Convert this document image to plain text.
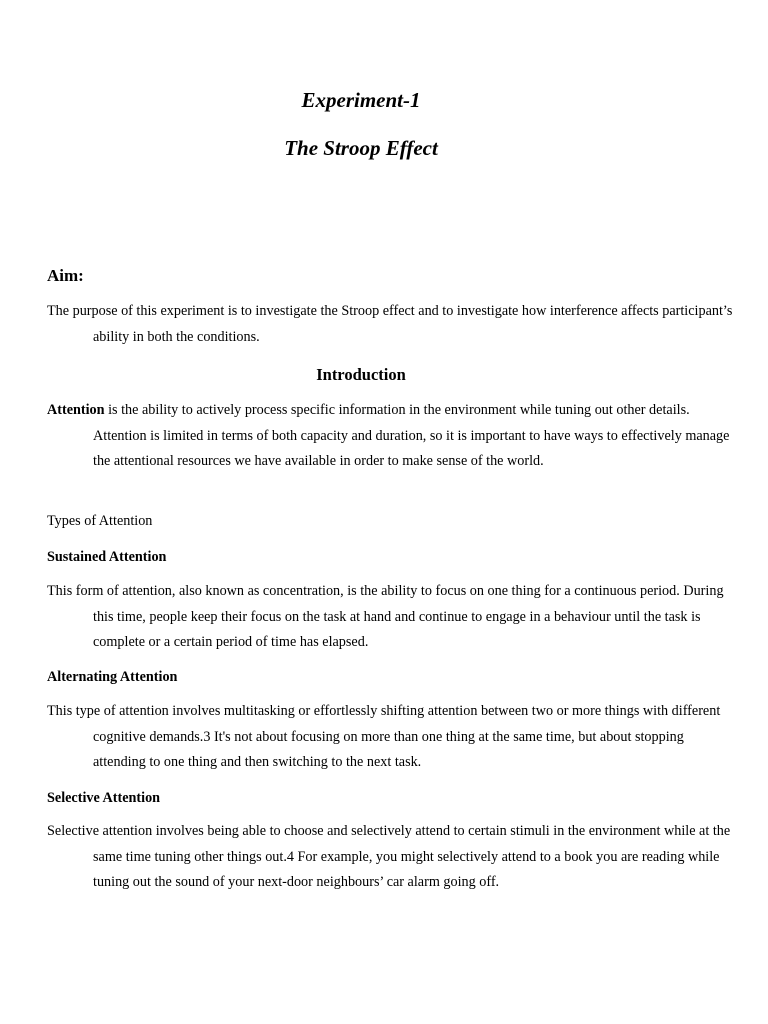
Experiment-1
The Stroop Effect
Aim:

The purpose of this experiment is to investigate the Stroop effect and to investigate how interference affects participant’s ability in both the conditions.

Introduction

Attention is the ability to actively process specific information in the environment while tuning out other details. Attention is limited in terms of both capacity and duration, so it is important to have ways to effectively manage the attentional resources we have available in order to make sense of the world.

Types of Attention
Sustained Attention

This form of attention, also known as concentration, is the ability to focus on one thing for a continuous period. During this time, people keep their focus on the task at hand and continue to engage in a behaviour until the task is complete or a certain period of time has elapsed.

Alternating Attention

This type of attention involves multitasking or effortlessly shifting attention between two or more things with different cognitive demands.3 It's not about focusing on more than one thing at the same time, but about stopping attending to one thing and then switching to the next task.

Selective Attention

Selective attention involves being able to choose and selectively attend to certain stimuli in the environment while at the same time tuning other things out.4 For example, you might selectively attend to a book you are reading while tuning out the sound of your next-door neighbours’ car alarm going off.
